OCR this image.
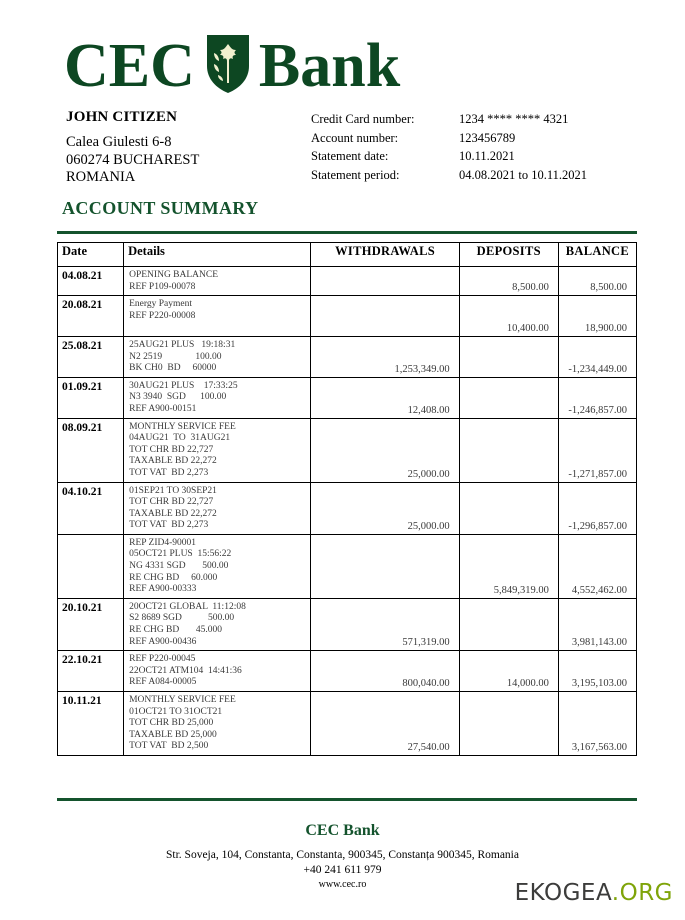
CEC Bank
JOHN CITIZEN
Calea Giulesti 6-8
060274 BUCHAREST
ROMANIA
Credit Card number:	1234 **** **** 4321
Account number:	123456789
Statement date:	10.11.2021
Statement period:	04.08.2021 to 10.11.2021
ACCOUNT SUMMARY
Date	Details	WITHDRAWALS	DEPOSITS	BALANCE
04.08.21	OPENING BALANCE
REF P109-00078		8,500.00	8,500.00
20.08.21	Energy Payment
REF P220-00008		10,400.00	18,900.00
25.08.21	25AUG21 PLUS   19:18:31
N2 2519              100.00
BK CH0  BD     60000	1,253,349.00		-1,234,449.00
01.09.21	30AUG21 PLUS    17:33:25
N3 3940  SGD      100.00
REF A900-00151	12,408.00		-1,246,857.00
08.09.21	MONTHLY SERVICE FEE
04AUG21  TO  31AUG21
TOT CHR BD 22,727
TAXABLE BD 22,272
TOT VAT  BD 2,273	25,000.00		-1,271,857.00
04.10.21	01SEP21 TO 30SEP21
TOT CHR BD 22,727
TAXABLE BD 22,272
TOT VAT  BD 2,273	25,000.00		-1,296,857.00

	REP ZID4-90001
05OCT21 PLUS  15:56:22
NG 4331 SGD       500.00
RE CHG BD     60.000
REF A900-00333		5,849,319.00	4,552,462.00
20.10.21	20OCT21 GLOBAL  11:12:08
S2 8689 SGD           500.00
RE CHG BD       45.000
REF A900-00436	571,319.00		3,981,143.00
22.10.21	REF P220-00045
22OCT21 ATM104  14:41:36
REF A084-00005	800,040.00	14,000.00	3,195,103.00
10.11.21	MONTHLY SERVICE FEE
01OCT21 TO 31OCT21
TOT CHR BD 25,000
TAXABLE BD 25,000
TOT VAT  BD 2,500	27,540.00		3,167,563.00
CEC Bank
Str. Soveja, 104, Constanta, Constanta, 900345, Constanța 900345, Romania
+40 241 611 979
www.cec.ro	EKOGEA.ORG
